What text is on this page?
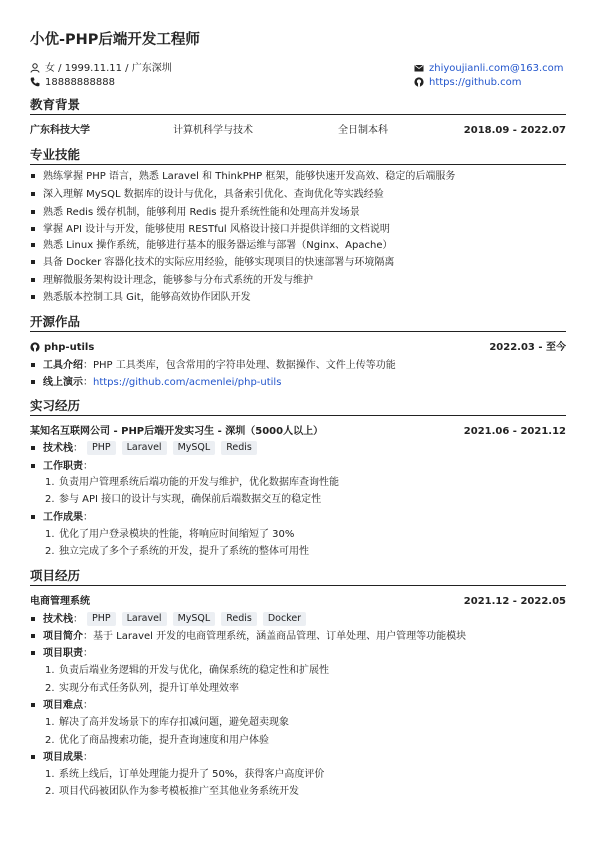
小优-PHP后端开发工程师
女 / 1999.11.11 / 广东深圳
18888888888
zhiyoujianli.com@163.com
https://github.com
教育背景
广东科技大学	计算机科学与技术	全日制本科	2018.09 - 2022.07
专业技能
熟练掌握 PHP 语言，熟悉 Laravel 和 ThinkPHP 框架，能够快速开发高效、稳定的后端服务
深入理解 MySQL 数据库的设计与优化，具备索引优化、查询优化等实践经验
熟悉 Redis 缓存机制，能够利用 Redis 提升系统性能和处理高并发场景
掌握 API 设计与开发，能够使用 RESTful 风格设计接口并提供详细的文档说明
熟悉 Linux 操作系统，能够进行基本的服务器运维与部署（Nginx、Apache）
具备 Docker 容器化技术的实际应用经验，能够实现项目的快速部署与环境隔离
理解微服务架构设计理念，能够参与分布式系统的开发与维护
熟悉版本控制工具 Git，能够高效协作团队开发
开源作品
php-utils	2022.03 - 至今
工具介绍 ：PHP 工具类库，包含常用的字符串处理、数据操作、文件上传等功能
线上演示 ： https://github.com/acmenlei/php-utils
实习经历
某知名互联网公司 - PHP后端开发实习生 - 深圳（5000人以上）	2021.06 - 2021.12
技术栈 ： PHP	Laravel	MySQL	Redis
工作职责 ：
1. 负责用户管理系统后端功能的开发与维护，优化数据库查询性能
2. 参与 API 接口的设计与实现，确保前后端数据交互的稳定性
工作成果 ：
1. 优化了用户登录模块的性能，将响应时间缩短了 30%
2. 独立完成了多个子系统的开发，提升了系统的整体可用性
项目经历
电商管理系统	2021.12 - 2022.05
技术栈 ： PHP	Laravel	MySQL	Redis	Docker
项目简介 ：基于 Laravel 开发的电商管理系统，涵盖商品管理、订单处理、用户管理等功能模块
项目职责 ：
1. 负责后端业务逻辑的开发与优化，确保系统的稳定性和扩展性
2. 实现分布式任务队列，提升订单处理效率
项目难点 ：
1. 解决了高并发场景下的库存扣减问题，避免超卖现象
2. 优化了商品搜索功能，提升查询速度和用户体验
项目成果 ：
1. 系统上线后，订单处理能力提升了 50%，获得客户高度评价
2. 项目代码被团队作为参考模板推广至其他业务系统开发
